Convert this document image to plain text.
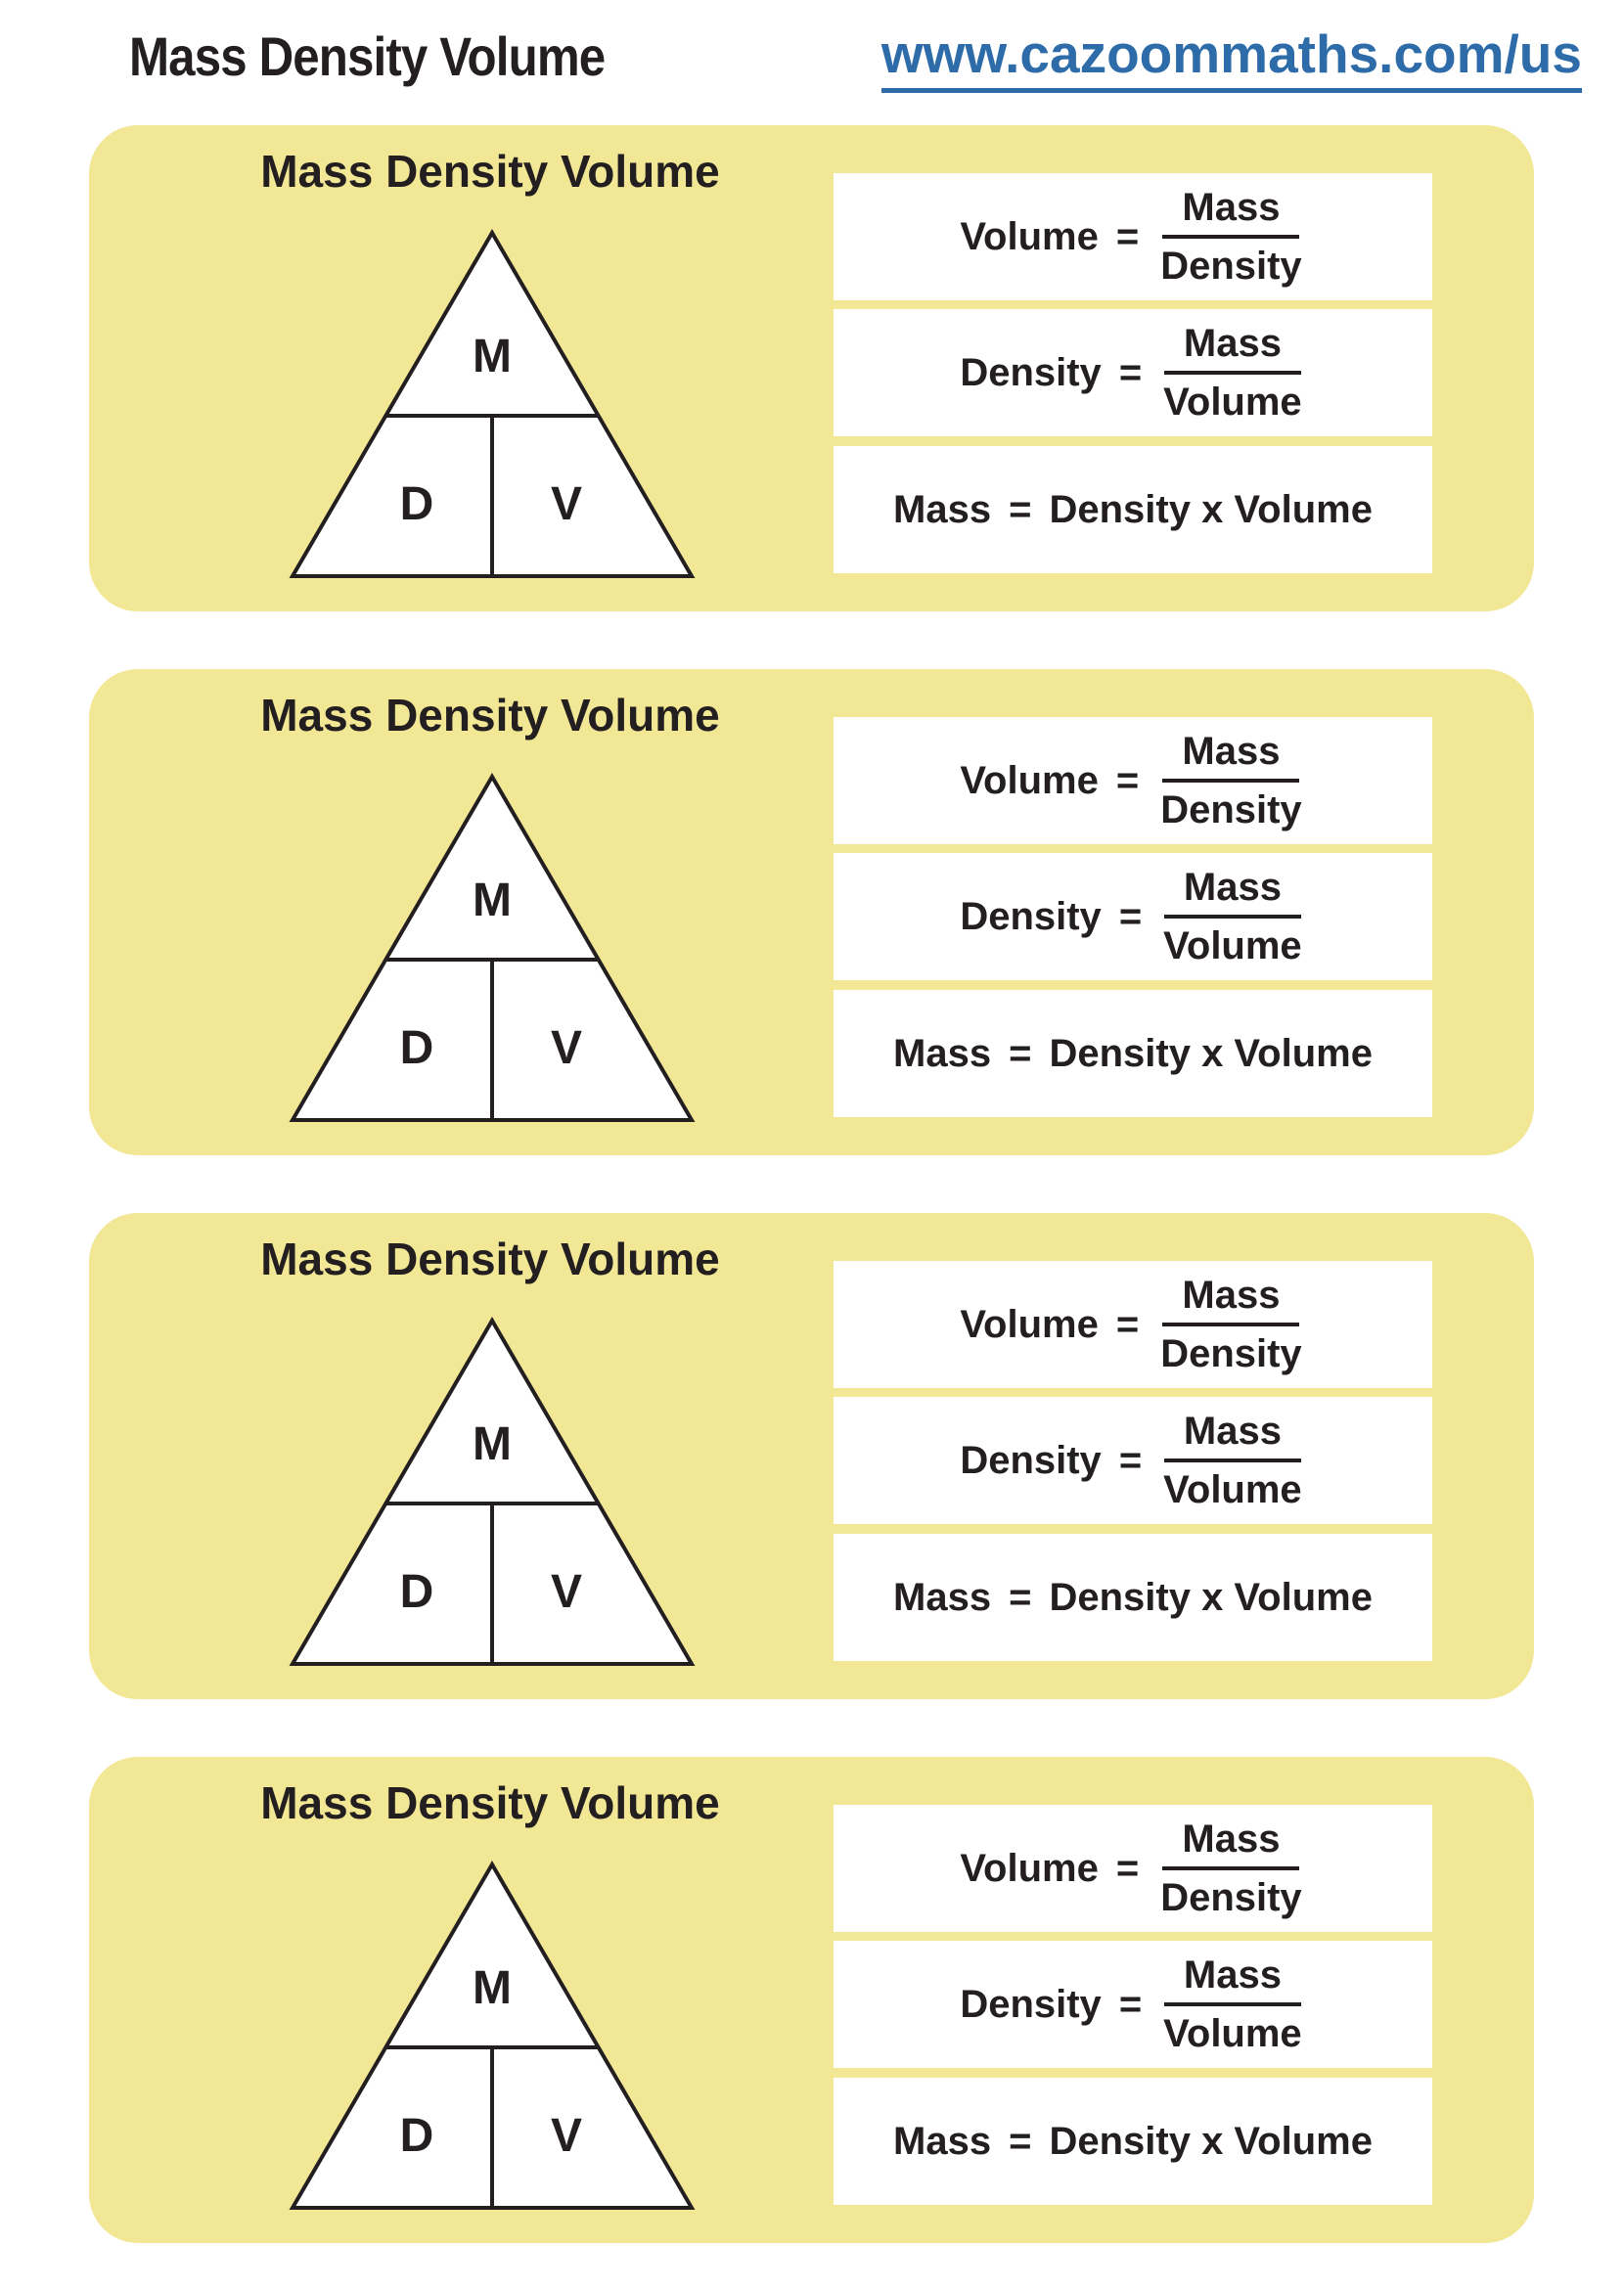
Mass Density Volume	www.cazoommaths.com/us
Mass Density Volume
M
D V
Volume = $\frac{\text{Mass}}{\text{Density}}$
Density = $\frac{\text{Mass}}{\text{Volume}}$
Mass = Density x Volume
Mass Density Volume
M
D V
Volume = $\frac{\text{Mass}}{\text{Density}}$
Density = $\frac{\text{Mass}}{\text{Volume}}$
Mass = Density x Volume
Mass Density Volume
M
D V
Volume = $\frac{\text{Mass}}{\text{Density}}$
Density = $\frac{\text{Mass}}{\text{Volume}}$
Mass = Density x Volume
Mass Density Volume
M
D V
Volume = $\frac{\text{Mass}}{\text{Density}}$
Density = $\frac{\text{Mass}}{\text{Volume}}$
Mass = Density x Volume
